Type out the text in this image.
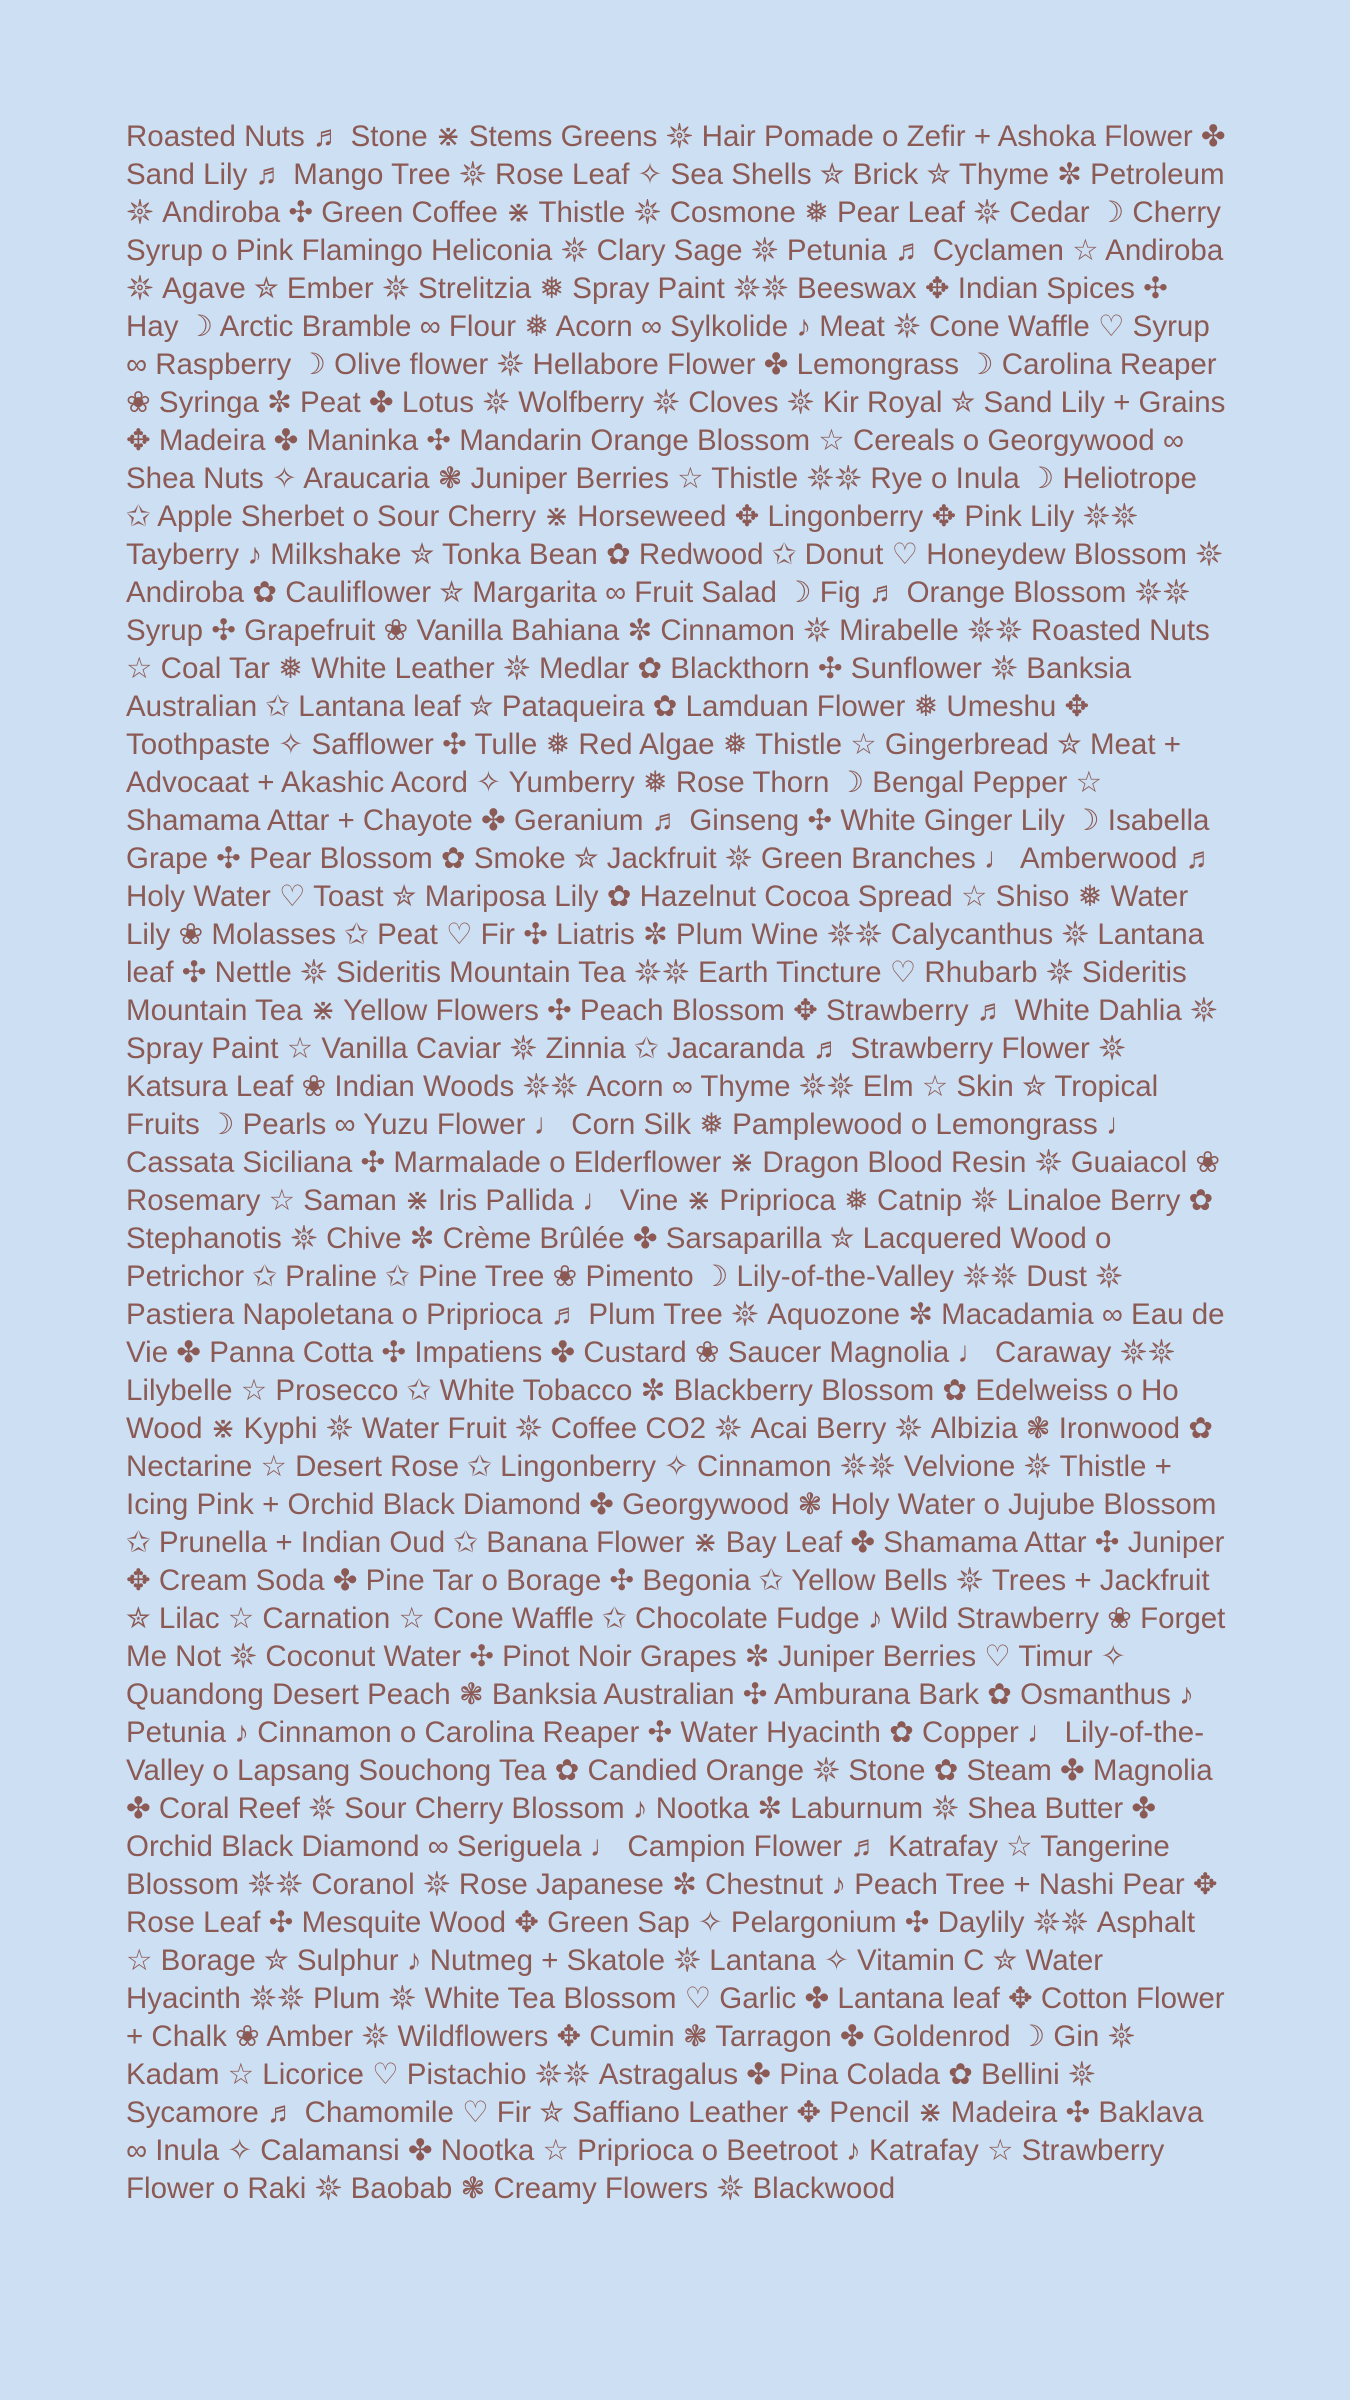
Roasted Nuts ♬ Stone ⋇ Stems Greens 𖤓 Hair Pomade o Zefir + Ashoka Flower ✤ Sand Lily ♬ Mango Tree 𖤓 Rose Leaf ✧ Sea Shells ✮ Brick ✮ Thyme ✼ Petroleum 𖤓 Andiroba ✣ Green Coffee ⋇ Thistle 𖤓 Cosmone ❅ Pear Leaf 𖤓 Cedar ☽ Cherry Syrup o Pink Flamingo Heliconia 𖤓 Clary Sage 𖤓 Petunia ♬ Cyclamen ☆ Andiroba 𖤓 Agave ✮ Ember 𖤓 Strelitzia ❅ Spray Paint 𖤓𖤓 Beeswax ✥ Indian Spices ✣ Hay ☽ Arctic Bramble ∞ Flour ❅ Acorn ∞ Sylkolide ♪ Meat 𖤓 Cone Waffle ♡ Syrup ∞ Raspberry ☽ Olive flower 𖤓 Hellabore Flower ✤ Lemongrass ☽ Carolina Reaper ❀ Syringa ✼ Peat ✤ Lotus 𖤓 Wolfberry 𖤓 Cloves 𖤓 Kir Royal ✮ Sand Lily + Grains ✥ Madeira ✤ Maninka ✣ Mandarin Orange Blossom ☆ Cereals o Georgywood ∞ Shea Nuts ✧ Araucaria ❃ Juniper Berries ☆ Thistle 𖤓𖤓 Rye o Inula ☽ Heliotrope ✩ Apple Sherbet o Sour Cherry ⋇ Horseweed ✥ Lingonberry ✥ Pink Lily 𖤓𖤓 Tayberry ♪ Milkshake ✮ Tonka Bean ✿ Redwood ✩ Donut ♡ Honeydew Blossom 𖤓 Andiroba ✿ Cauliflower ✮ Margarita ∞ Fruit Salad ☽ Fig ♬ Orange Blossom 𖤓𖤓 Syrup ✣ Grapefruit ❀ Vanilla Bahiana ✼ Cinnamon 𖤓 Mirabelle 𖤓𖤓 Roasted Nuts ☆ Coal Tar ❅ White Leather 𖤓 Medlar ✿ Blackthorn ✣ Sunflower 𖤓 Banksia Australian ✩ Lantana leaf ✮ Pataqueira ✿ Lamduan Flower ❅ Umeshu ✥ Toothpaste ✧ Safflower ✣ Tulle ❅ Red Algae ❅ Thistle ☆ Gingerbread ✮ Meat + Advocaat + Akashic Acord ✧ Yumberry ❅ Rose Thorn ☽ Bengal Pepper ☆ Shamama Attar + Chayote ✤ Geranium ♬ Ginseng ✣ White Ginger Lily ☽ Isabella Grape ✣ Pear Blossom ✿ Smoke ✮ Jackfruit 𖤓 Green Branches ♩ Amberwood ♬ Holy Water ♡ Toast ✮ Mariposa Lily ✿ Hazelnut Cocoa Spread ☆ Shiso ❅ Water Lily ❀ Molasses ✩ Peat ♡ Fir ✣ Liatris ✼ Plum Wine 𖤓𖤓 Calycanthus 𖤓 Lantana leaf ✣ Nettle 𖤓 Sideritis Mountain Tea 𖤓𖤓 Earth Tincture ♡ Rhubarb 𖤓 Sideritis Mountain Tea ⋇ Yellow Flowers ✣ Peach Blossom ✥ Strawberry ♬ White Dahlia 𖤓 Spray Paint ☆ Vanilla Caviar 𖤓 Zinnia ✩ Jacaranda ♬ Strawberry Flower 𖤓 Katsura Leaf ❀ Indian Woods 𖤓𖤓 Acorn ∞ Thyme 𖤓𖤓 Elm ☆ Skin ✮ Tropical Fruits ☽ Pearls ∞ Yuzu Flower ♩ Corn Silk ❅ Pamplewood o Lemongrass ♩ Cassata Siciliana ✣ Marmalade o Elderflower ⋇ Dragon Blood Resin 𖤓 Guaiacol ❀ Rosemary ☆ Saman ⋇ Iris Pallida ♩ Vine ⋇ Priprioca ❅ Catnip 𖤓 Linaloe Berry ✿ Stephanotis 𖤓 Chive ✼ Crème Brûlée ✤ Sarsaparilla ✮ Lacquered Wood o Petrichor ✩ Praline ✩ Pine Tree ❀ Pimento ☽ Lily-of-the-Valley 𖤓𖤓 Dust 𖤓 Pastiera Napoletana o Priprioca ♬ Plum Tree 𖤓 Aquozone ✼ Macadamia ∞ Eau de Vie ✤ Panna Cotta ✣ Impatiens ✤ Custard ❀ Saucer Magnolia ♩ Caraway 𖤓𖤓 Lilybelle ☆ Prosecco ✩ White Tobacco ✼ Blackberry Blossom ✿ Edelweiss o Ho Wood ⋇ Kyphi 𖤓 Water Fruit 𖤓 Coffee CO2 𖤓 Acai Berry 𖤓 Albizia ❃ Ironwood ✿ Nectarine ☆ Desert Rose ✩ Lingonberry ✧ Cinnamon 𖤓𖤓 Velvione 𖤓 Thistle + Icing Pink + Orchid Black Diamond ✤ Georgywood ❃ Holy Water o Jujube Blossom ✩ Prunella + Indian Oud ✩ Banana Flower ⋇ Bay Leaf ✤ Shamama Attar ✣ Juniper ✥ Cream Soda ✤ Pine Tar o Borage ✣ Begonia ✩ Yellow Bells 𖤓 Trees + Jackfruit ✮ Lilac ☆ Carnation ☆ Cone Waffle ✩ Chocolate Fudge ♪ Wild Strawberry ❀ Forget Me Not 𖤓 Coconut Water ✣ Pinot Noir Grapes ✼ Juniper Berries ♡ Timur ✧ Quandong Desert Peach ❃ Banksia Australian ✣ Amburana Bark ✿ Osmanthus ♪ Petunia ♪ Cinnamon o Carolina Reaper ✣ Water Hyacinth ✿ Copper ♩ Lily-of-the-Valley o Lapsang Souchong Tea ✿ Candied Orange 𖤓 Stone ✿ Steam ✤ Magnolia ✤ Coral Reef 𖤓 Sour Cherry Blossom ♪ Nootka ✼ Laburnum 𖤓 Shea Butter ✤ Orchid Black Diamond ∞ Seriguela ♩ Campion Flower ♬ Katrafay ☆ Tangerine Blossom 𖤓𖤓 Coranol 𖤓 Rose Japanese ✼ Chestnut ♪ Peach Tree + Nashi Pear ✥ Rose Leaf ✣ Mesquite Wood ✥ Green Sap ✧ Pelargonium ✣ Daylily 𖤓𖤓 Asphalt ☆ Borage ✮ Sulphur ♪ Nutmeg + Skatole 𖤓 Lantana ✧ Vitamin C ✮ Water Hyacinth 𖤓𖤓 Plum 𖤓 White Tea Blossom ♡ Garlic ✤ Lantana leaf ✥ Cotton Flower + Chalk ❀ Amber 𖤓 Wildflowers ✥ Cumin ❃ Tarragon ✤ Goldenrod ☽ Gin 𖤓 Kadam ☆ Licorice ♡ Pistachio 𖤓𖤓 Astragalus ✤ Pina Colada ✿ Bellini 𖤓 Sycamore ♬ Chamomile ♡ Fir ✮ Saffiano Leather ✥ Pencil ⋇ Madeira ✣ Baklava ∞ Inula ✧ Calamansi ✤ Nootka ☆ Priprioca o Beetroot ♪ Katrafay ☆ Strawberry Flower o Raki 𖤓 Baobab ❃ Creamy Flowers 𖤓 Blackwood
